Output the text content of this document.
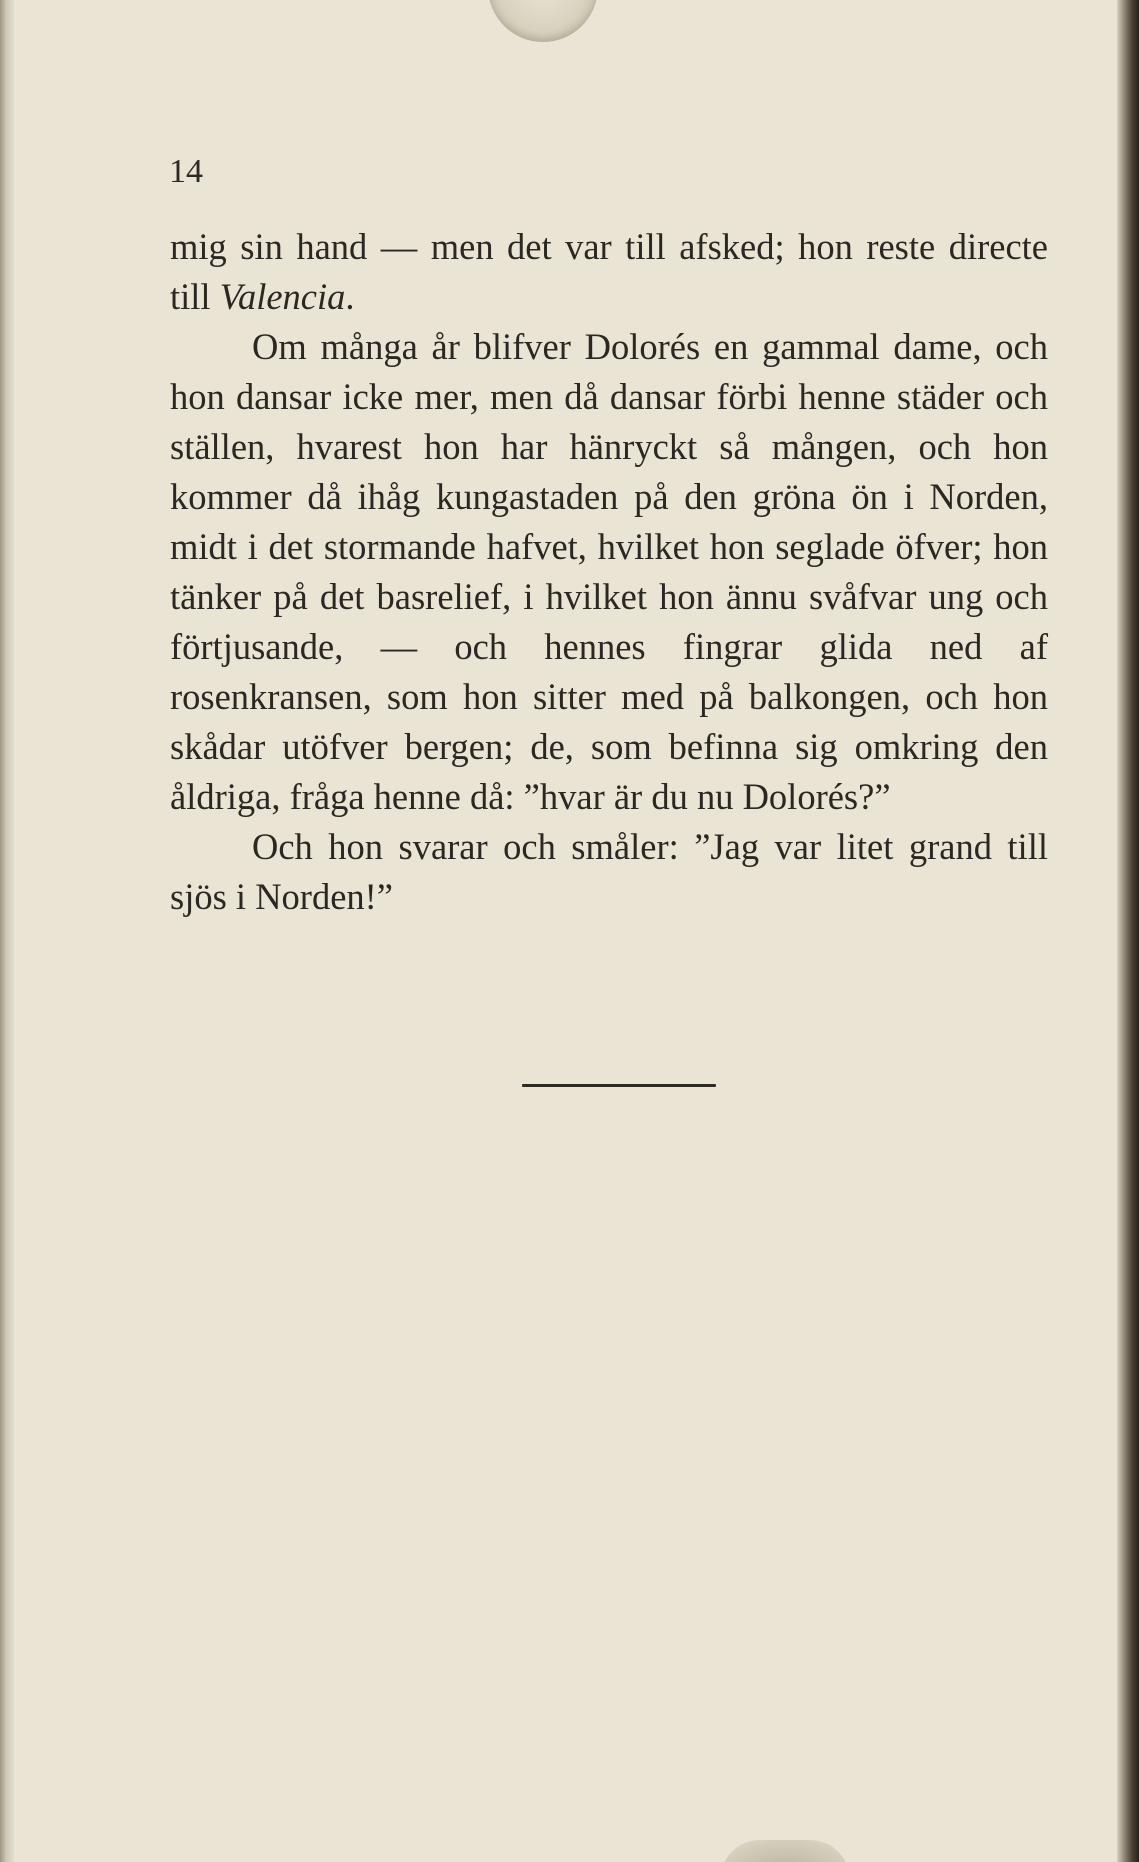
14

mig sin hand — men det var till afsked; hon reste directe till Valencia.

Om många år blifver Dolorés en gammal dame, och hon dansar icke mer, men då dansar förbi henne städer och ställen, hvarest hon har hänryckt så mången, och hon kommer då ihåg kungastaden på den gröna ön i Norden, midt i det stormande hafvet, hvilket hon seglade öfver; hon tänker på det basrelief, i hvilket hon ännu svåfvar ung och förtjusande, — och hennes fingrar glida ned af rosenkransen, som hon sitter med på balkongen, och hon skådar utöfver bergen; de, som befinna sig omkring den åldriga, fråga henne då: ”hvar är du nu Dolorés?”

Och hon svarar och småler: ”Jag var litet grand till sjös i Norden!”
